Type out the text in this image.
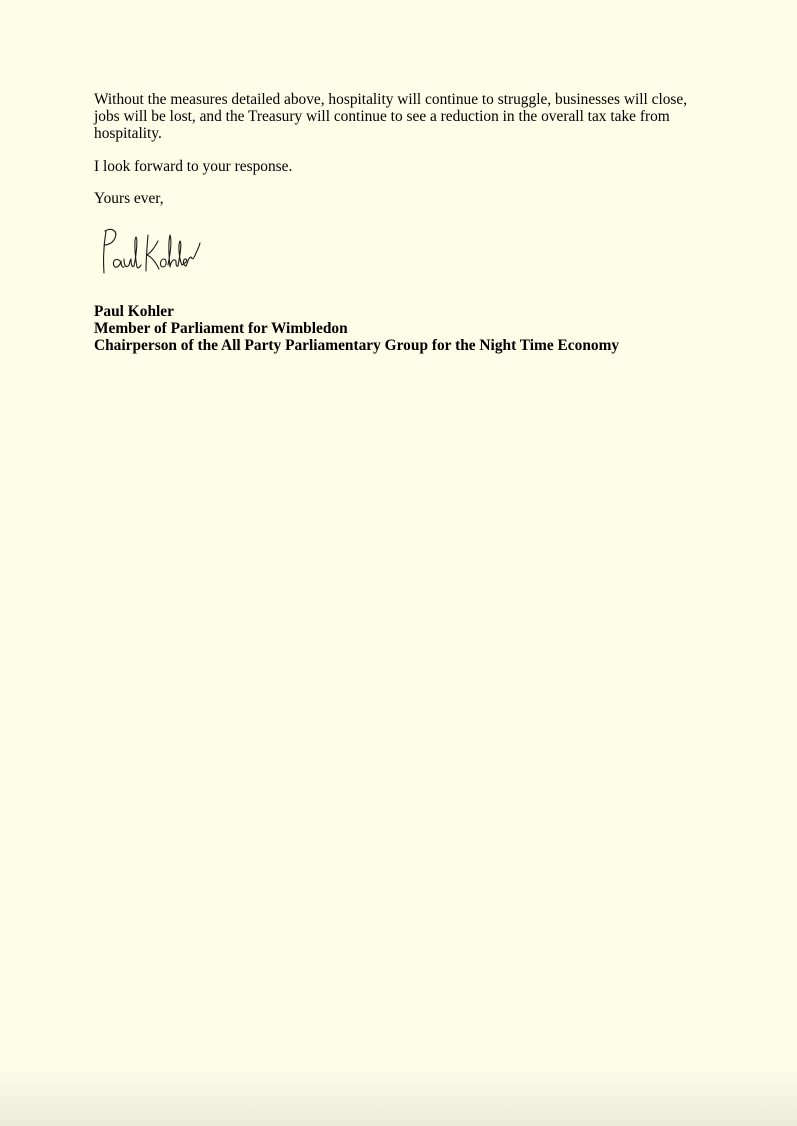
Without the measures detailed above, hospitality will continue to struggle, businesses will close, jobs will be lost, and the Treasury will continue to see a reduction in the overall tax take from hospitality.

I look forward to your response.

Yours ever,

Paul Kohler
Member of Parliament for Wimbledon
Chairperson of the All Party Parliamentary Group for the Night Time Economy
